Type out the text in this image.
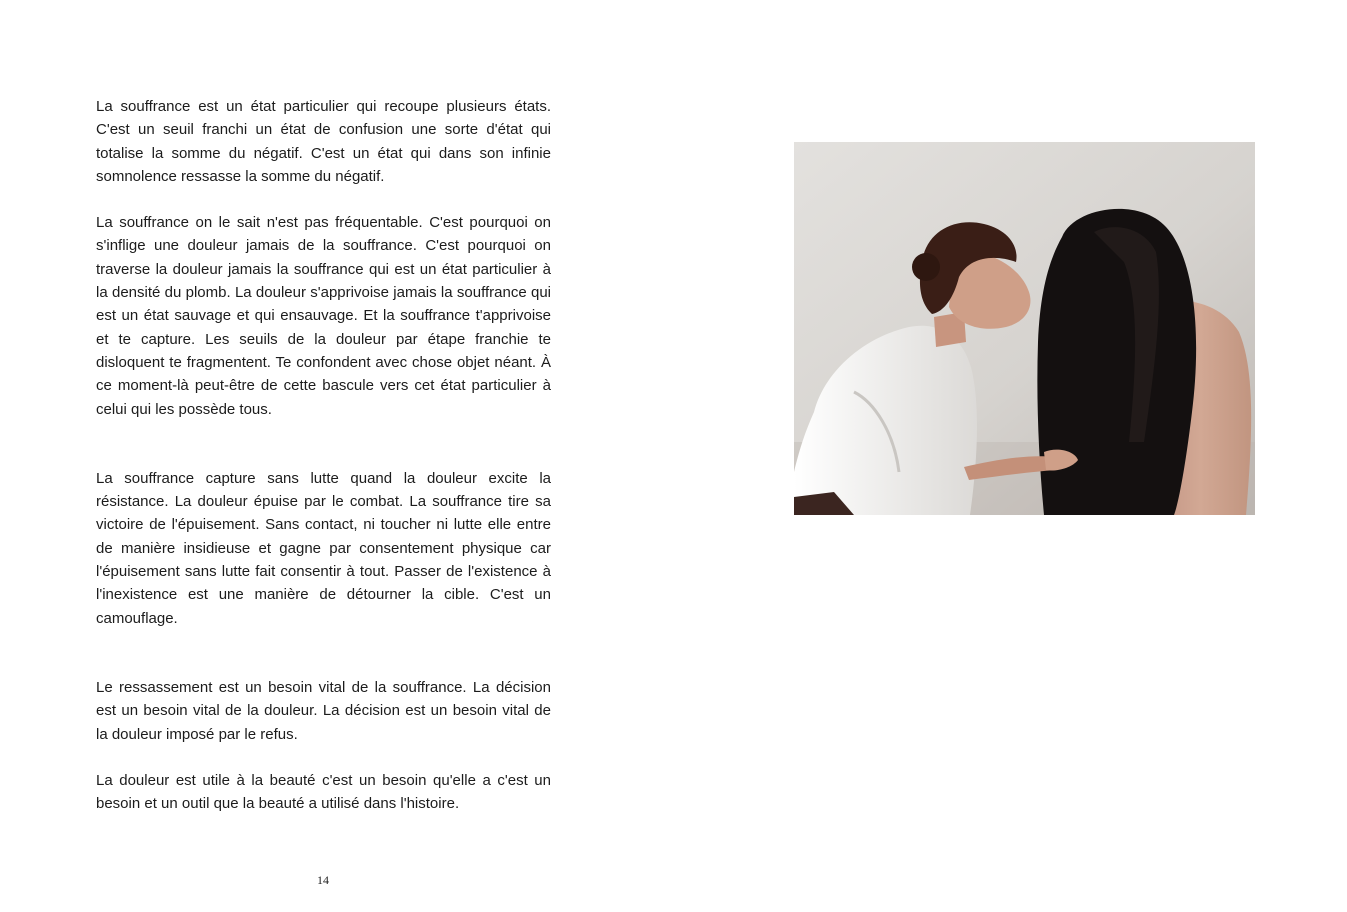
La souffrance est un état particulier qui recoupe plusieurs états. C'est un seuil franchi un état de confusion une sorte d'état qui totalise la somme du négatif. C'est un état qui dans son infinie somnolence ressasse la somme du négatif.

La souffrance on le sait n'est pas fréquentable. C'est pourquoi on s'inflige une douleur jamais de la souffrance. C'est pourquoi on traverse la douleur jamais la souffrance qui est un état particulier à la densité du plomb. La douleur s'apprivoise jamais la souffrance qui est un état sauvage et qui ensauvage. Et la souffrance t'apprivoise et te capture. Les seuils de la douleur par étape franchie te disloquent te fragmentent. Te confondent avec chose objet néant. À ce moment-là peut-être de cette bascule vers cet état particulier à celui qui les possède tous.

La souffrance capture sans lutte quand la douleur excite la résistance. La douleur épuise par le combat. La souffrance tire sa victoire de l'épuisement. Sans contact, ni toucher ni lutte elle entre de manière insidieuse et gagne par consentement physique car l'épuisement sans lutte fait consentir à tout. Passer de l'existence à l'inexistence est une manière de détourner la cible. C'est un camouflage.

Le ressassement est un besoin vital de la souffrance. La décision est un besoin vital de la douleur. La décision est un besoin vital de la douleur imposé par le refus.

La douleur est utile à la beauté c'est un besoin qu'elle a c'est un besoin et un outil que la beauté a utilisé dans l'histoire.

14
